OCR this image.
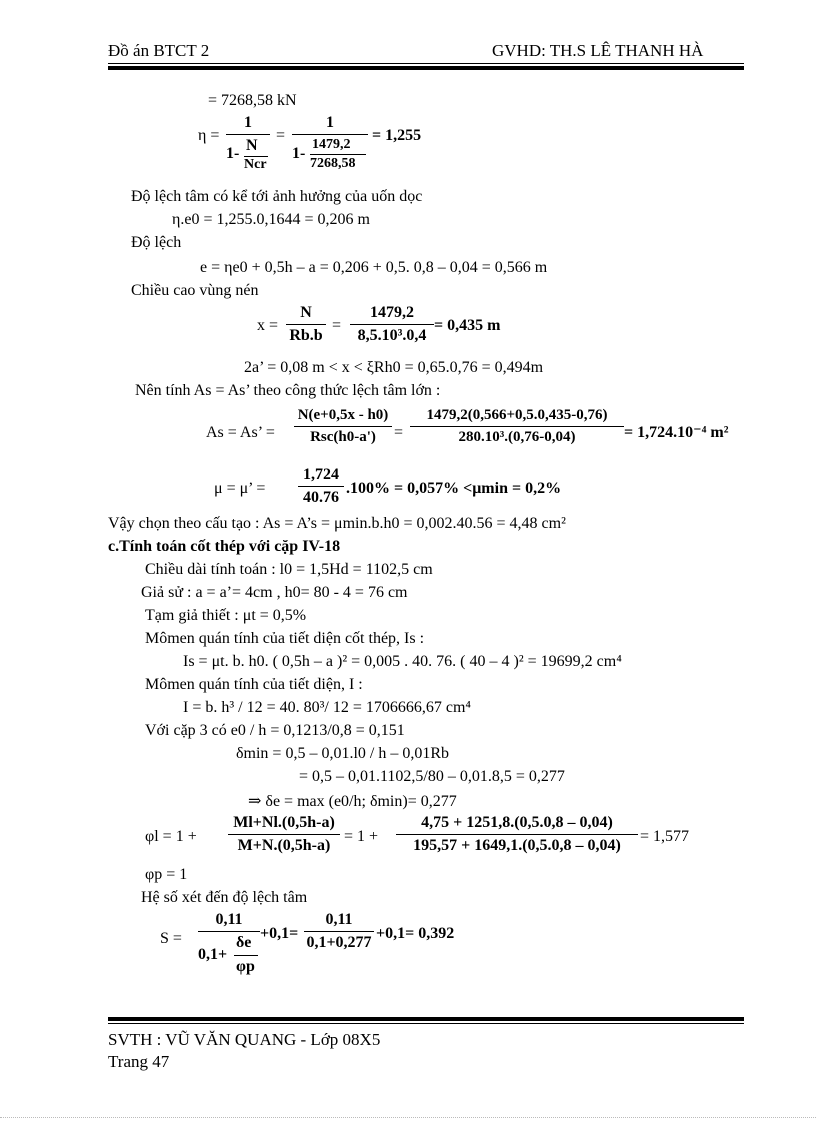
Đồ án BTCT 2	GVHD: TH.S LÊ THANH HÀ
= 7268,58 kN
η =
1
1- N
Ncr
=
1
1-
1479,2
7268,58
= 1,255
Độ lệch tâm có kể tới ảnh hưởng của uốn dọc
η.e0 = 1,255.0,1644 = 0,206 m
Độ lệch
e = ηe0 + 0,5h – a = 0,206 + 0,5. 0,8 – 0,04 = 0,566 m
Chiều cao vùng nén
x =
N
Rb.b
=
1479,2
8,5.10³.0,4
= 0,435 m
2a’ = 0,08 m < x < ξRh0 = 0,65.0,76 = 0,494m
Nên tính As = As’ theo công thức lệch tâm lớn :
As = As’ =
N(e+0,5x - h0)
Rsc(h0-a')	=
1479,2(0,566+0,5.0,435-0,76)
280.10³.(0,76-0,04)	= 1,724.10⁻⁴ m²
μ = μ’ =
1,724
40.76
.100% = 0,057% <μmin = 0,2%
Vậy chọn theo cấu tạo : As = A’s = μmin.b.h0 = 0,002.40.56 = 4,48 cm²
c.Tính toán cốt thép với cặp IV-18
Chiều dài tính toán : l0 = 1,5Hd = 1102,5 cm
Giả sử : a = a’= 4cm , h0= 80 - 4 = 76 cm
Tạm giả thiết : μt = 0,5%
Mômen quán tính của tiết diện cốt thép, Is :
Is = μt. b. h0. ( 0,5h – a )² = 0,005 . 40. 76. ( 40 – 4 )² = 19699,2 cm⁴
Mômen quán tính của tiết diện, I :
I = b. h³ / 12 = 40. 80³/ 12 = 1706666,67 cm⁴
Với cặp 3 có e0 / h = 0,1213/0,8 = 0,151
δmin = 0,5 – 0,01.l0 / h – 0,01Rb
= 0,5 – 0,01.1102,5/80 – 0,01.8,5 = 0,277
⇒ δe = max (e0/h; δmin)= 0,277
φl = 1 +
Ml+Nl.(0,5h-a)
M+N.(0,5h-a)
= 1 +
4,75 + 1251,8.(0,5.0,8 – 0,04)
195,57 + 1649,1.(0,5.0,8 – 0,04)
= 1,577
φp = 1
Hệ số xét đến độ lệch tâm
S =
0,11
0,1+
δe
φp
+0,1=
0,11
0,1+0,277
+0,1= 0,392
SVTH : VŨ VĂN QUANG - Lớp 08X5
Trang 47
